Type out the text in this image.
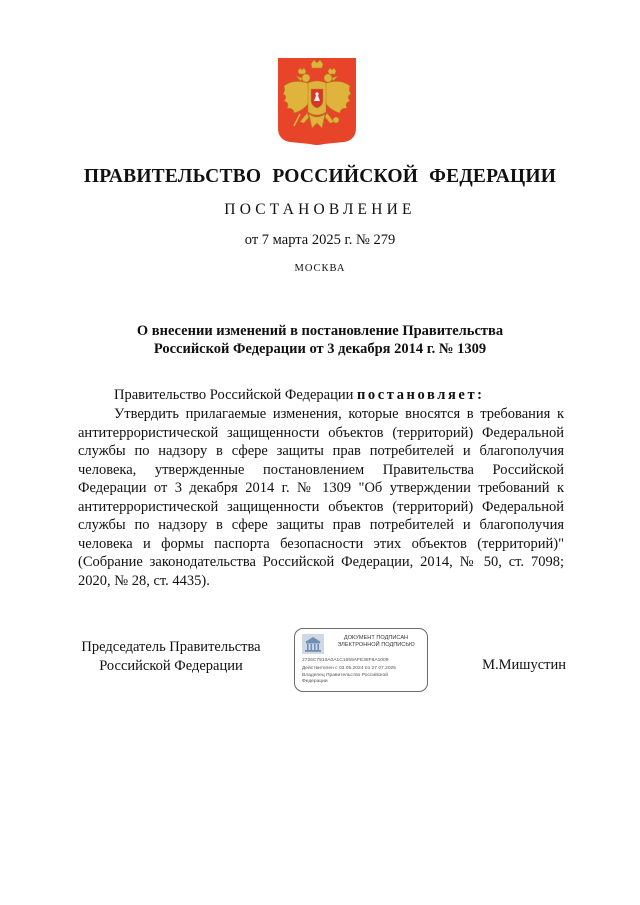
ПРАВИТЕЛЬСТВО РОССИЙСКОЙ ФЕДЕРАЦИИ
ПОСТАНОВЛЕНИЕ
от 7 марта 2025 г. № 279
МОСКВА
О внесении изменений в постановление Правительства
Российской Федерации от 3 декабря 2014 г. № 1309
Правительство Российской Федерации постановляет:
Утвердить прилагаемые изменения, которые вносятся в требования к антитеррористической защищенности объектов (территорий) Федеральной службы по надзору в сфере защиты прав потребителей и благополучия человека, утвержденные постановлением Правительства Российской Федерации от 3 декабря 2014 г. № 1309 "Об утверждении требований к антитеррористической защищенности объектов (территорий) Федеральной службы по надзору в сфере защиты прав потребителей и благополучия человека и формы паспорта безопасности этих объектов (территорий)" (Собрание законодательства Российской Федерации, 2014, № 50, ст. 7098; 2020, № 28, ст. 4435).
Председатель Правительства
Российской Федерации
ДОКУМЕНТ ПОДПИСАН
ЭЛЕКТРОННОЙ ПОДПИСЬЮ
2726C7910A0A1C1659AFE38F8A1009
Действителен с 03.05.2024 по 27.07.2025
Владелец Правительство Российской
Федерации
М.Мишустин
